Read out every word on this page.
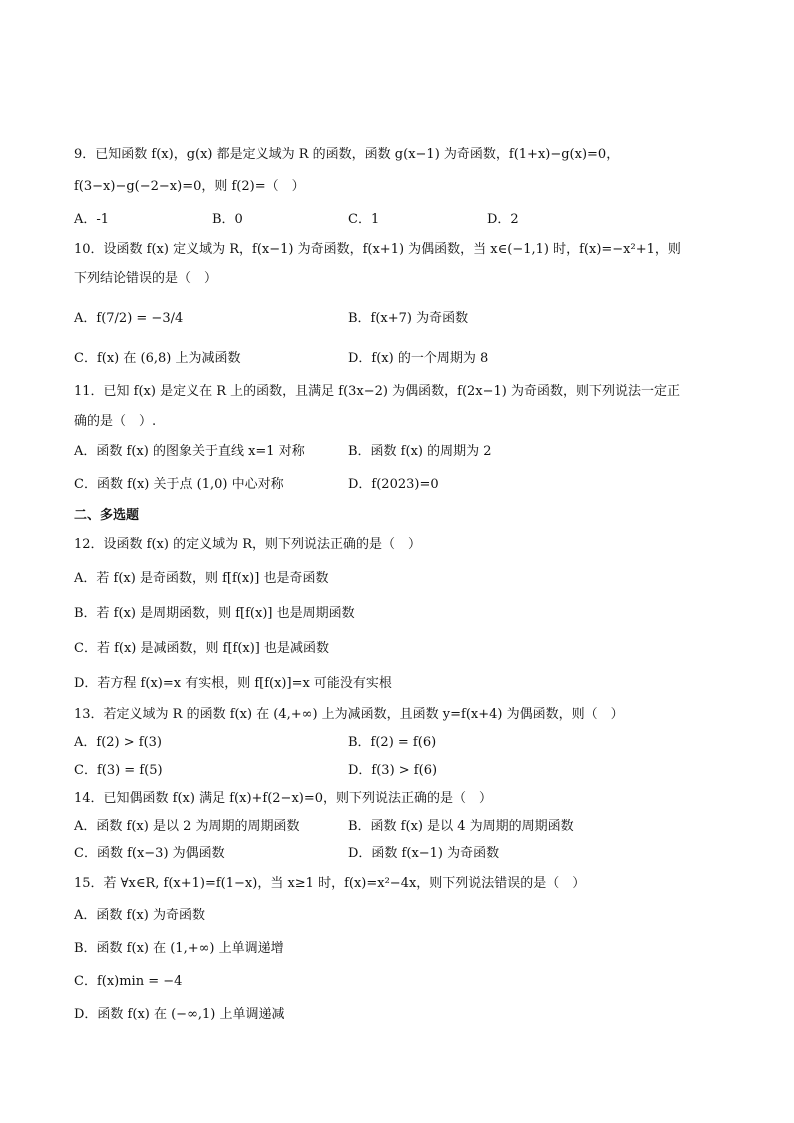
9．已知函数 f(x)，g(x) 都是定义域为 R 的函数，函数 g(x−1) 为奇函数，f(1+x)−g(x)=0，
f(3−x)−g(−2−x)=0，则 f(2)=（　）
A．-1	B．0	C．1	D．2
10．设函数 f(x) 定义域为 R，f(x−1) 为奇函数，f(x+1) 为偶函数，当 x∈(−1,1) 时，f(x)=−x²+1，则
下列结论错误的是（　）
A．f(7/2) = −3/4	B．f(x+7) 为奇函数
C．f(x) 在 (6,8) 上为减函数	D．f(x) 的一个周期为 8
11．已知 f(x) 是定义在 R 上的函数，且满足 f(3x−2) 为偶函数，f(2x−1) 为奇函数，则下列说法一定正
确的是（　）.
A．函数 f(x) 的图象关于直线 x=1 对称	B．函数 f(x) 的周期为 2
C．函数 f(x) 关于点 (1,0) 中心对称	D．f(2023)=0
二、多选题
12．设函数 f(x) 的定义域为 R，则下列说法正确的是（　）
A．若 f(x) 是奇函数，则 f[f(x)] 也是奇函数
B．若 f(x) 是周期函数，则 f[f(x)] 也是周期函数
C．若 f(x) 是减函数，则 f[f(x)] 也是减函数
D．若方程 f(x)=x 有实根，则 f[f(x)]=x 可能没有实根
13．若定义域为 R 的函数 f(x) 在 (4,+∞) 上为减函数，且函数 y=f(x+4) 为偶函数，则（　）
A．f(2) > f(3)	B．f(2) = f(6)
C．f(3) = f(5)	D．f(3) > f(6)
14．已知偶函数 f(x) 满足 f(x)+f(2−x)=0，则下列说法正确的是（　）
A．函数 f(x) 是以 2 为周期的周期函数	B．函数 f(x) 是以 4 为周期的周期函数
C．函数 f(x−3) 为偶函数	D．函数 f(x−1) 为奇函数
15．若 ∀x∈R, f(x+1)=f(1−x)，当 x≥1 时，f(x)=x²−4x，则下列说法错误的是（　）
A．函数 f(x) 为奇函数
B．函数 f(x) 在 (1,+∞) 上单调递增
C．f(x)min = −4
D．函数 f(x) 在 (−∞,1) 上单调递减
